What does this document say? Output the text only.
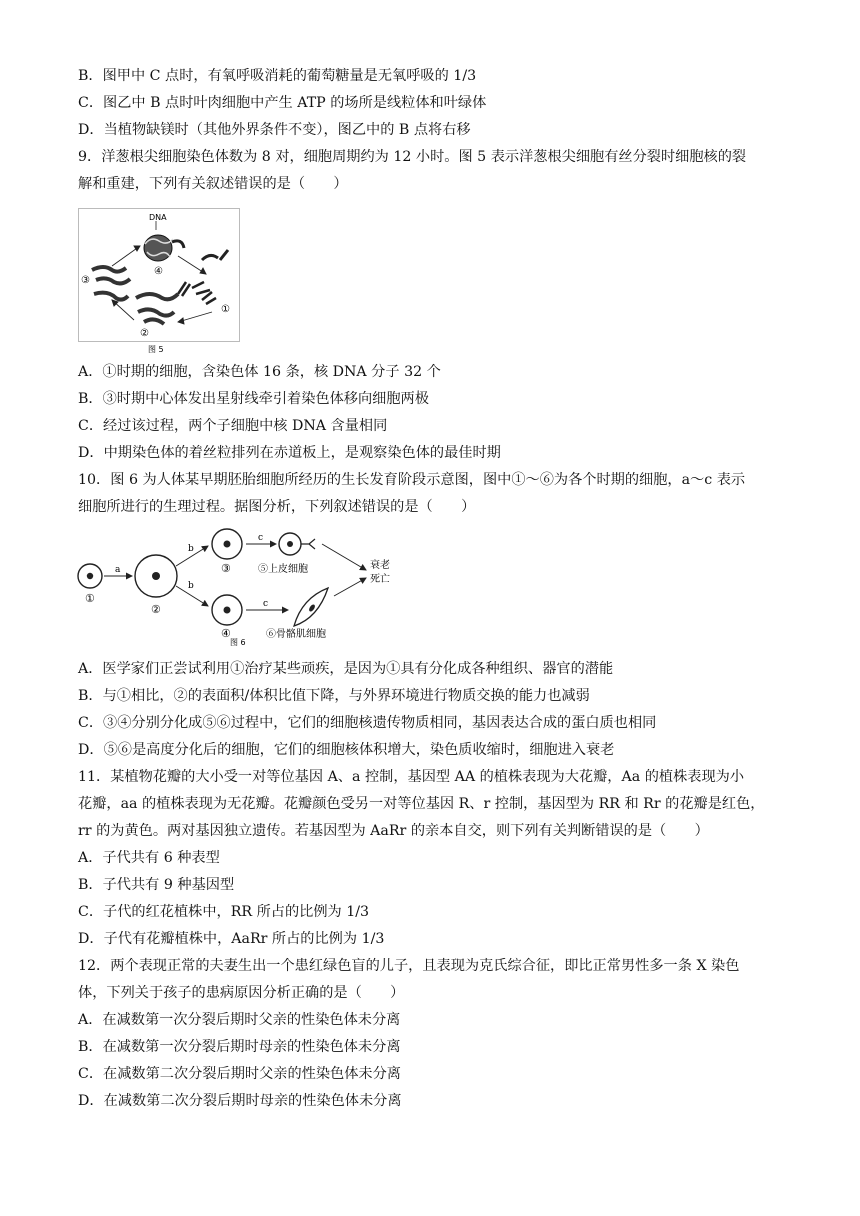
B．图甲中 C 点时，有氧呼吸消耗的葡萄糖量是无氧呼吸的 1/3
C．图乙中 B 点时叶肉细胞中产生 ATP 的场所是线粒体和叶绿体
D．当植物缺镁时（其他外界条件不变），图乙中的 B 点将右移
9．洋葱根尖细胞染色体数为 8 对，细胞周期约为 12 小时。图 5 表示洋葱根尖细胞有丝分裂时细胞核的裂
解和重建，下列有关叙述错误的是（　　）
DNA
④
①
③
②
图 5
A．①时期的细胞，含染色体 16 条，核 DNA 分子 32 个
B．③时期中心体发出星射线牵引着染色体移向细胞两极
C．经过该过程，两个子细胞中核 DNA 含量相同
D．中期染色体的着丝粒排列在赤道板上，是观察染色体的最佳时期
10．图 6 为人体某早期胚胎细胞所经历的生长发育阶段示意图，图中①～⑥为各个时期的细胞，a～c 表示
细胞所进行的生理过程。据图分析，下列叙述错误的是（　　）
①
a
②
b
b
③
④
c
c
⑤上皮细胞
⑥骨骼肌细胞
衰老
死亡
图 6
A．医学家们正尝试利用①治疗某些顽疾，是因为①具有分化成各种组织、器官的潜能
B．与①相比，②的表面积/体积比值下降，与外界环境进行物质交换的能力也减弱
C．③④分别分化成⑤⑥过程中，它们的细胞核遗传物质相同，基因表达合成的蛋白质也相同
D．⑤⑥是高度分化后的细胞，它们的细胞核体积增大，染色质收缩时，细胞进入衰老
11．某植物花瓣的大小受一对等位基因 A、a 控制，基因型 AA 的植株表现为大花瓣，Aa 的植株表现为小
花瓣，aa 的植株表现为无花瓣。花瓣颜色受另一对等位基因 R、r 控制，基因型为 RR 和 Rr 的花瓣是红色，
rr 的为黄色。两对基因独立遗传。若基因型为 AaRr 的亲本自交，则下列有关判断错误的是（　　）
A．子代共有 6 种表型
B．子代共有 9 种基因型
C．子代的红花植株中，RR 所占的比例为 1/3
D．子代有花瓣植株中，AaRr 所占的比例为 1/3
12．两个表现正常的夫妻生出一个患红绿色盲的儿子，且表现为克氏综合征，即比正常男性多一条 X 染色
体，下列关于孩子的患病原因分析正确的是（　　）
A．在减数第一次分裂后期时父亲的性染色体未分离
B．在减数第一次分裂后期时母亲的性染色体未分离
C．在减数第二次分裂后期时父亲的性染色体未分离
D．在减数第二次分裂后期时母亲的性染色体未分离
